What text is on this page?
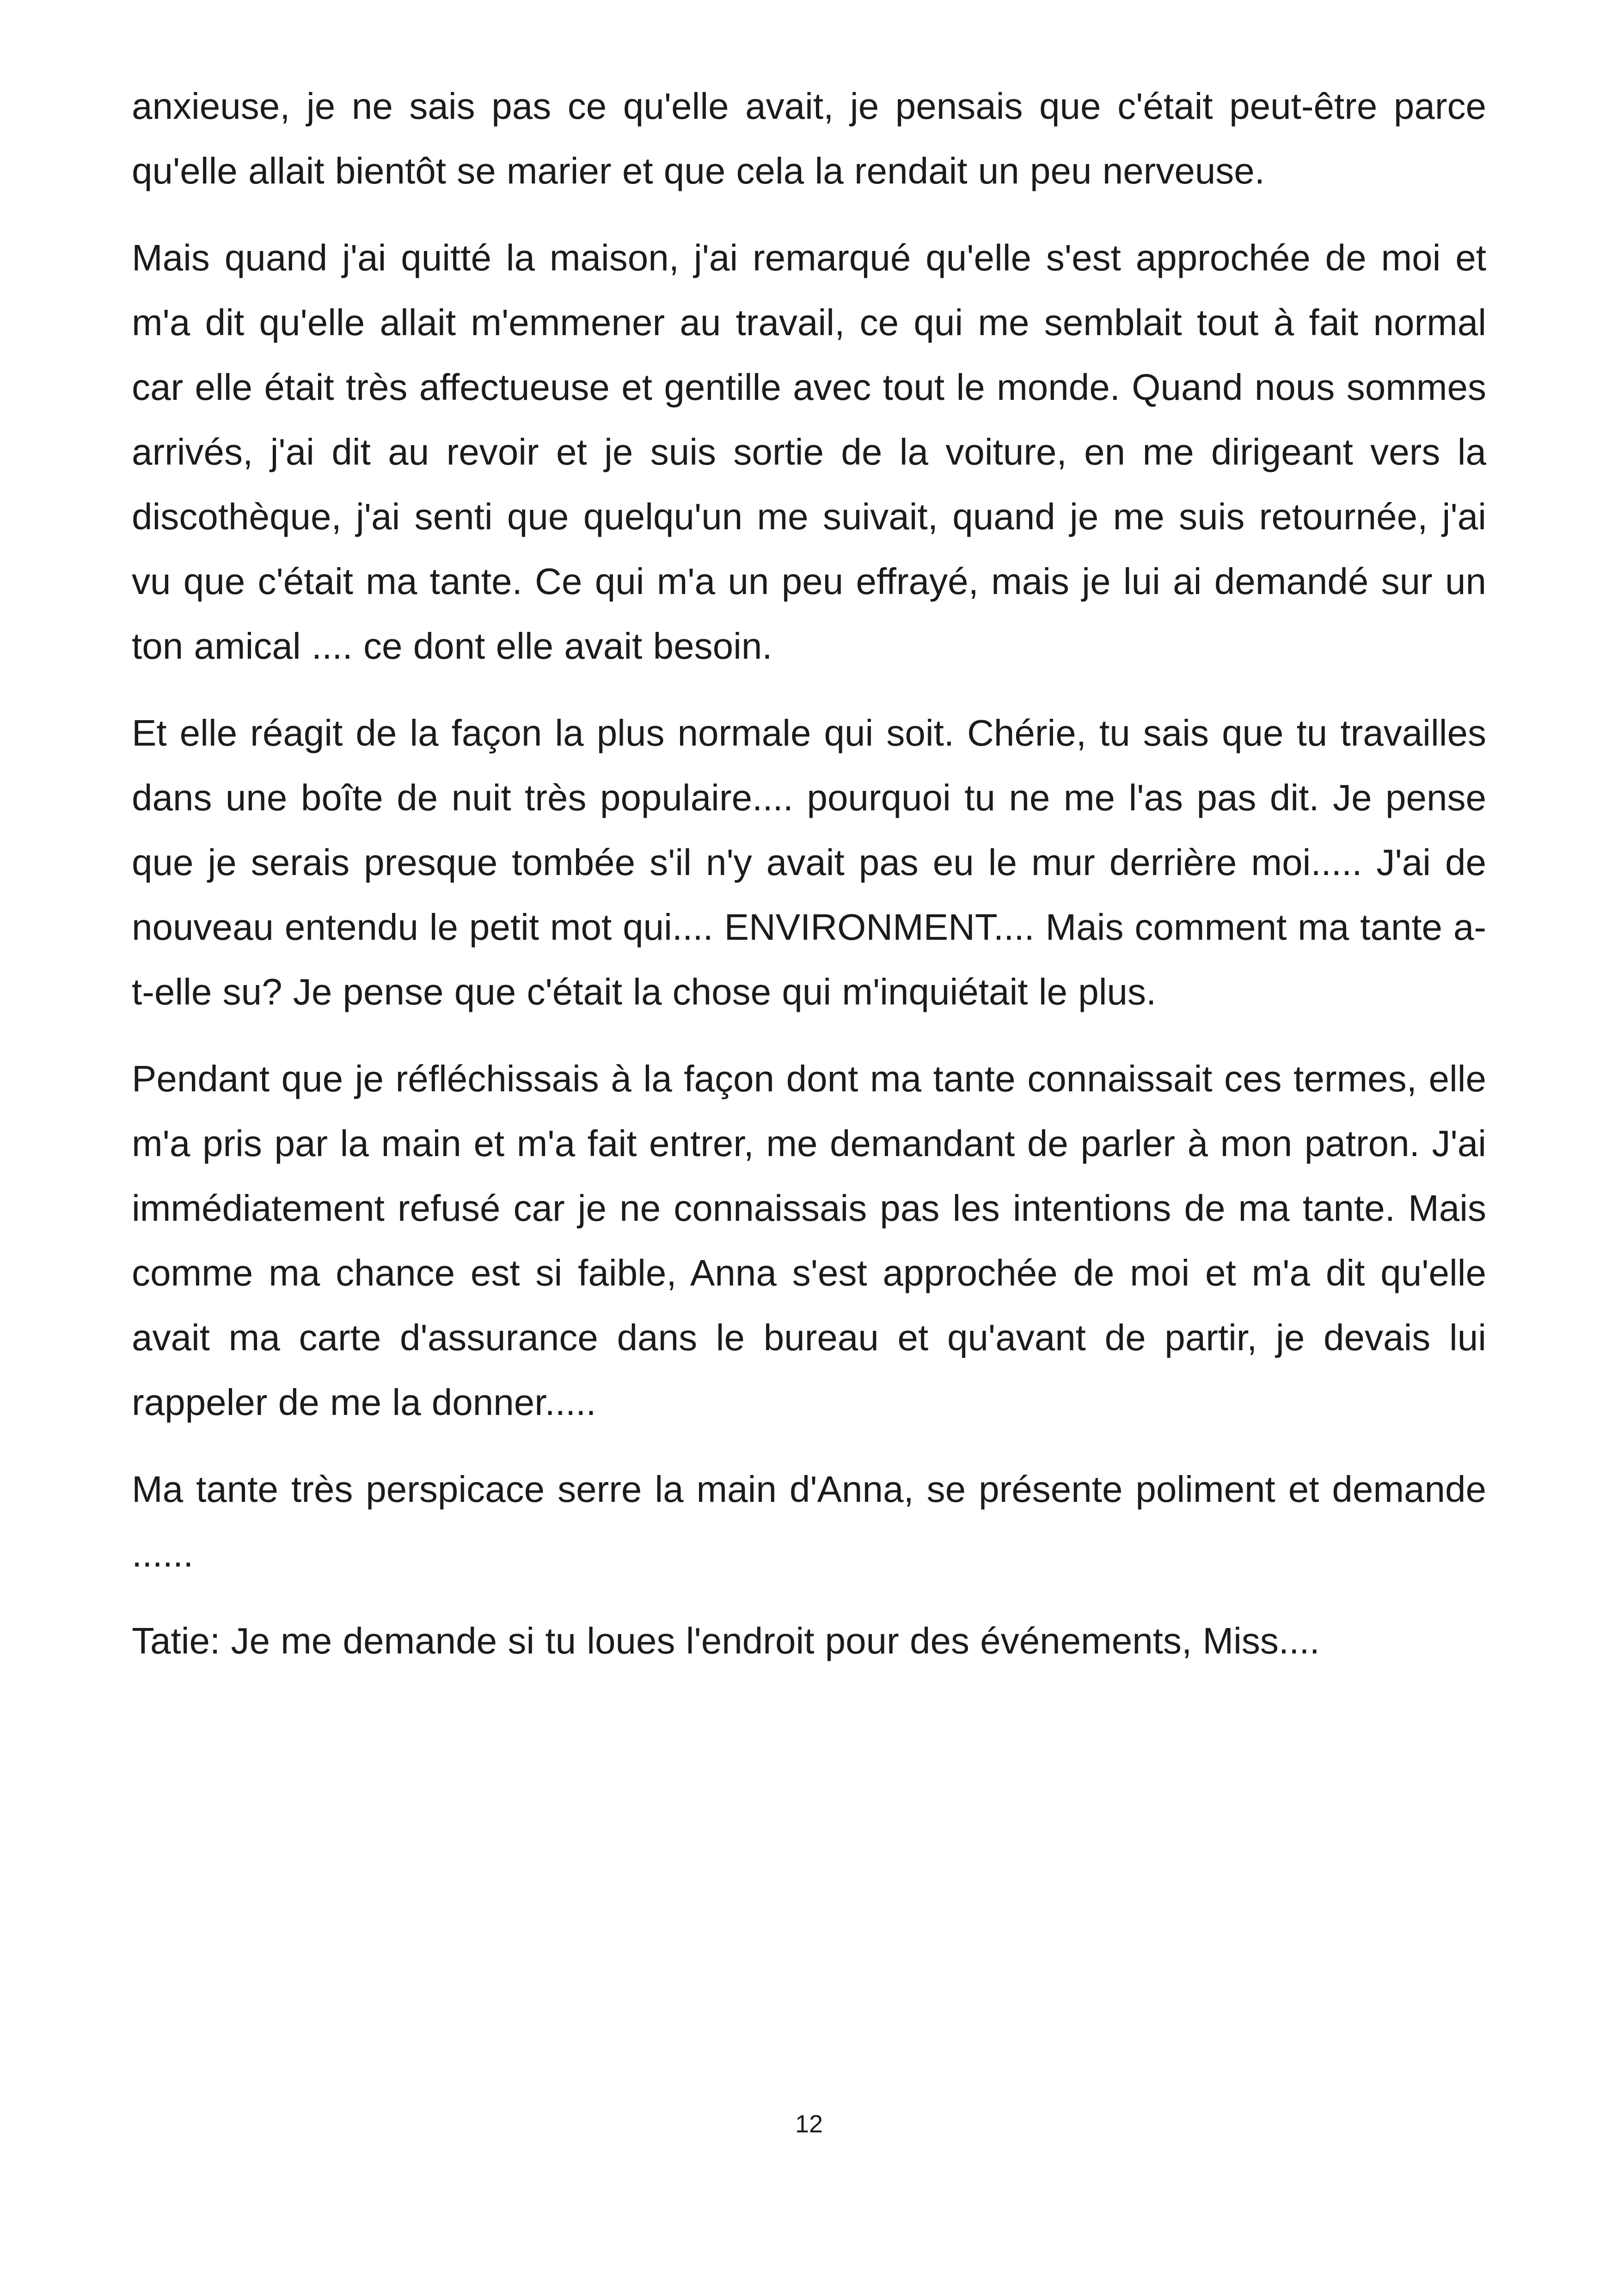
anxieuse, je ne sais pas ce qu'elle avait, je pensais que c'était peut-être parce qu'elle allait bientôt se marier et que cela la rendait un peu nerveuse.

Mais quand j'ai quitté la maison, j'ai remarqué qu'elle s'est approchée de moi et m'a dit qu'elle allait m'emmener au travail, ce qui me semblait tout à fait normal car elle était très affectueuse et gentille avec tout le monde. Quand nous sommes arrivés, j'ai dit au revoir et je suis sortie de la voiture, en me dirigeant vers la discothèque, j'ai senti que quelqu'un me suivait, quand je me suis retournée, j'ai vu que c'était ma tante. Ce qui m'a un peu effrayé, mais je lui ai demandé sur un ton amical .... ce dont elle avait besoin.

Et elle réagit de la façon la plus normale qui soit. Chérie, tu sais que tu travailles dans une boîte de nuit très populaire.... pourquoi tu ne me l'as pas dit. Je pense que je serais presque tombée s'il n'y avait pas eu le mur derrière moi..... J'ai de nouveau entendu le petit mot qui.... ENVIRONMENT.... Mais comment ma tante a-t-elle su? Je pense que c'était la chose qui m'inquiétait le plus.

Pendant que je réfléchissais à la façon dont ma tante connaissait ces termes, elle m'a pris par la main et m'a fait entrer, me demandant de parler à mon patron. J'ai immédiatement refusé car je ne connaissais pas les intentions de ma tante. Mais comme ma chance est si faible, Anna s'est approchée de moi et m'a dit qu'elle avait ma carte d'assurance dans le bureau et qu'avant de partir, je devais lui rappeler de me la donner.....

Ma tante très perspicace serre la main d'Anna, se présente poliment et demande ......

Tatie: Je me demande si tu loues l'endroit pour des événements, Miss....

12
